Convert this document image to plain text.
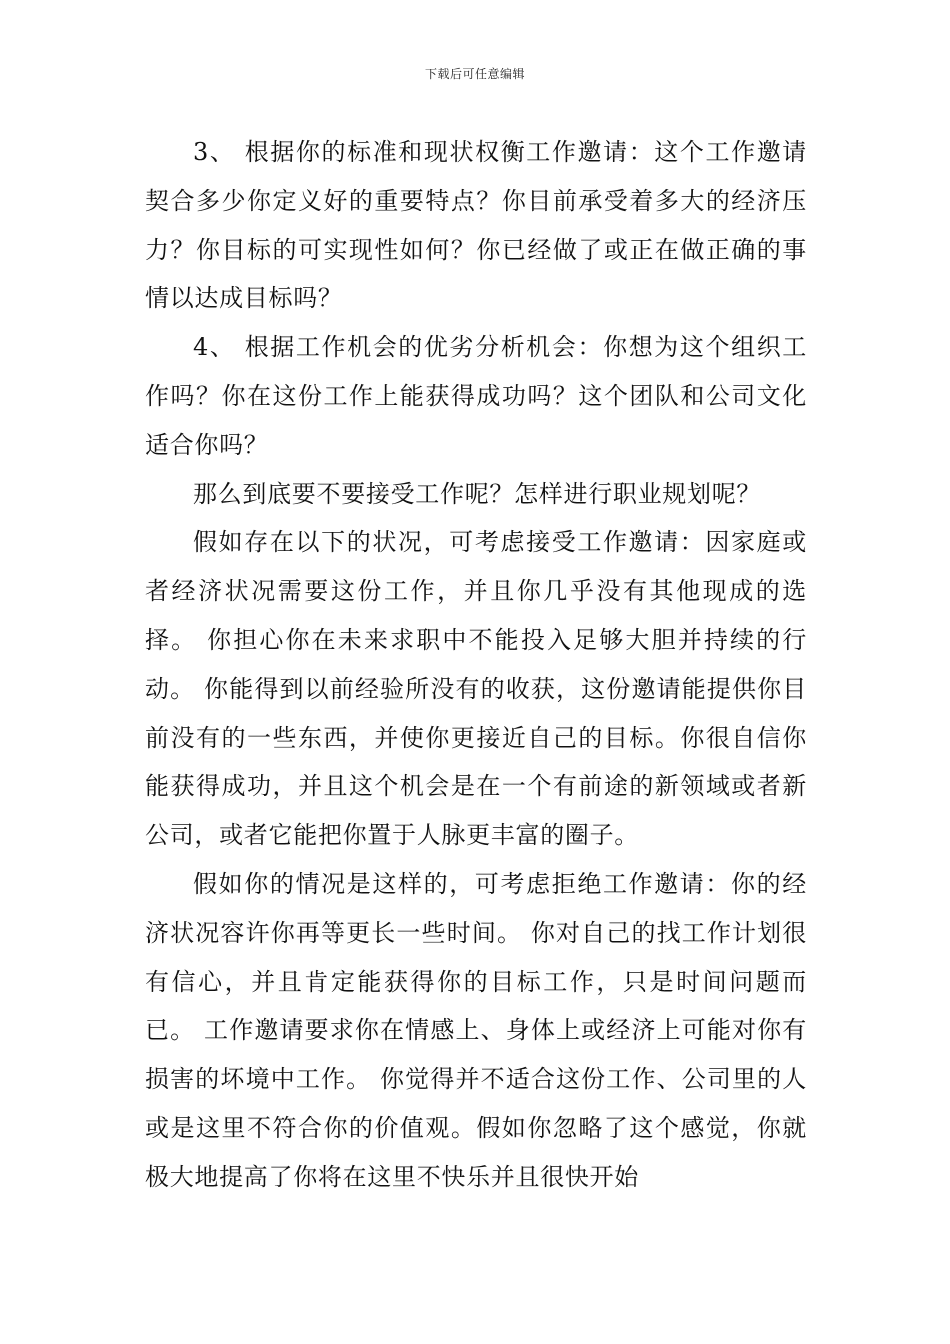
下载后可任意编辑

3、 根据你的标准和现状权衡工作邀请：这个工作邀请契合多少你定义好的重要特点？你目前承受着多大的经济压力？你目标的可实现性如何？你已经做了或正在做正确的事情以达成目标吗？

4、 根据工作机会的优劣分析机会：你想为这个组织工作吗？你在这份工作上能获得成功吗？这个团队和公司文化适合你吗？

那么到底要不要接受工作呢？怎样进行职业规划呢？

假如存在以下的状况，可考虑接受工作邀请：因家庭或者经济状况需要这份工作，并且你几乎没有其他现成的选择。 你担心你在未来求职中不能投入足够大胆并持续的行动。 你能得到以前经验所没有的收获，这份邀请能提供你目前没有的一些东西，并使你更接近自己的目标。你很自信你能获得成功，并且这个机会是在一个有前途的新领域或者新公司，或者它能把你置于人脉更丰富的圈子。

假如你的情况是这样的，可考虑拒绝工作邀请：你的经济状况容许你再等更长一些时间。 你对自己的找工作计划很有信心，并且肯定能获得你的目标工作，只是时间问题而已。 工作邀请要求你在情感上、身体上或经济上可能对你有损害的坏境中工作。 你觉得并不适合这份工作、公司里的人或是这里不符合你的价值观。假如你忽略了这个感觉，你就极大地提高了你将在这里不快乐并且很快开始
